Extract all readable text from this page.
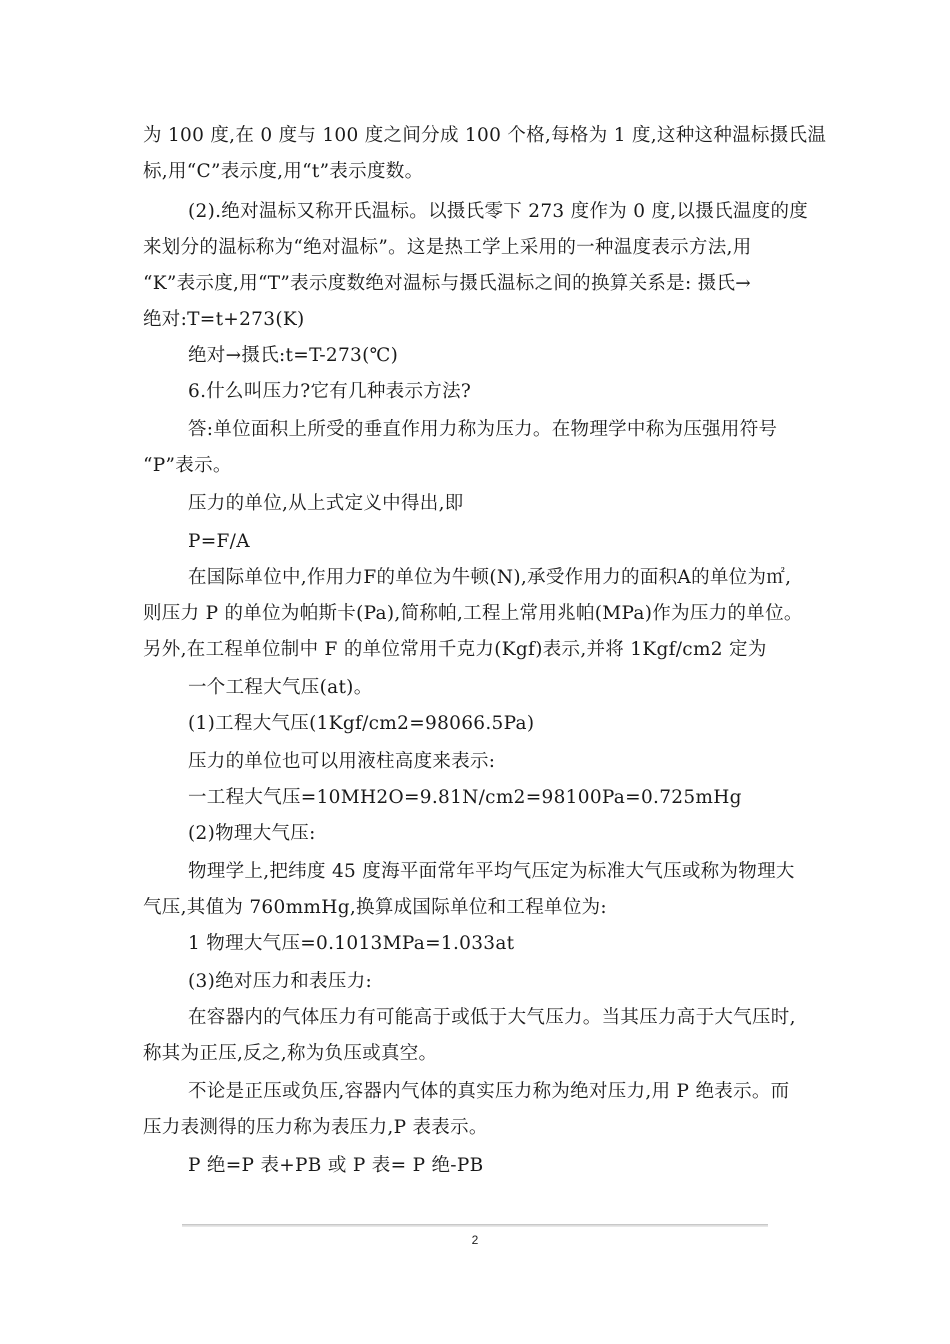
为 100 度,在 0 度与 100 度之间分成 100 个格,每格为 1 度,这种这种温标摄氏温
标,用“C”表示度,用“t”表示度数。
(2).绝对温标又称开氏温标。以摄氏零下 273 度作为 0 度,以摄氏温度的度
来划分的温标称为“绝对温标”。这是热工学上采用的一种温度表示方法,用
“K”表示度,用“T”表示度数绝对温标与摄氏温标之间的换算关系是: 摄氏→
绝对:T=t+273(K)
绝对→摄氏:t=T-273(℃)
6.什么叫压力?它有几种表示方法?
答:单位面积上所受的垂直作用力称为压力。在物理学中称为压强用符号
“P”表示。
压力的单位,从上式定义中得出,即
P=F/A
在国际单位中,作用力F的单位为牛顿(N),承受作用力的面积A的单位为㎡,
则压力 P 的单位为帕斯卡(Pa),简称帕,工程上常用兆帕(MPa)作为压力的单位。
另外,在工程单位制中 F 的单位常用千克力(Kgf)表示,并将 1Kgf/cm2 定为
一个工程大气压(at)。
(1)工程大气压(1Kgf/cm2=98066.5Pa)
压力的单位也可以用液柱高度来表示:
一工程大气压=10MH2O=9.81N/cm2=98100Pa=0.725mHg
(2)物理大气压:
物理学上,把纬度 45 度海平面常年平均气压定为标准大气压或称为物理大
气压,其值为 760mmHg,换算成国际单位和工程单位为:
1 物理大气压=0.1013MPa=1.033at
(3)绝对压力和表压力:
在容器内的气体压力有可能高于或低于大气压力。当其压力高于大气压时,
称其为正压,反之,称为负压或真空。
不论是正压或负压,容器内气体的真实压力称为绝对压力,用 P 绝表示。而
压力表测得的压力称为表压力,P 表表示。
P 绝=P 表+PB 或 P 表= P 绝-PB
2
